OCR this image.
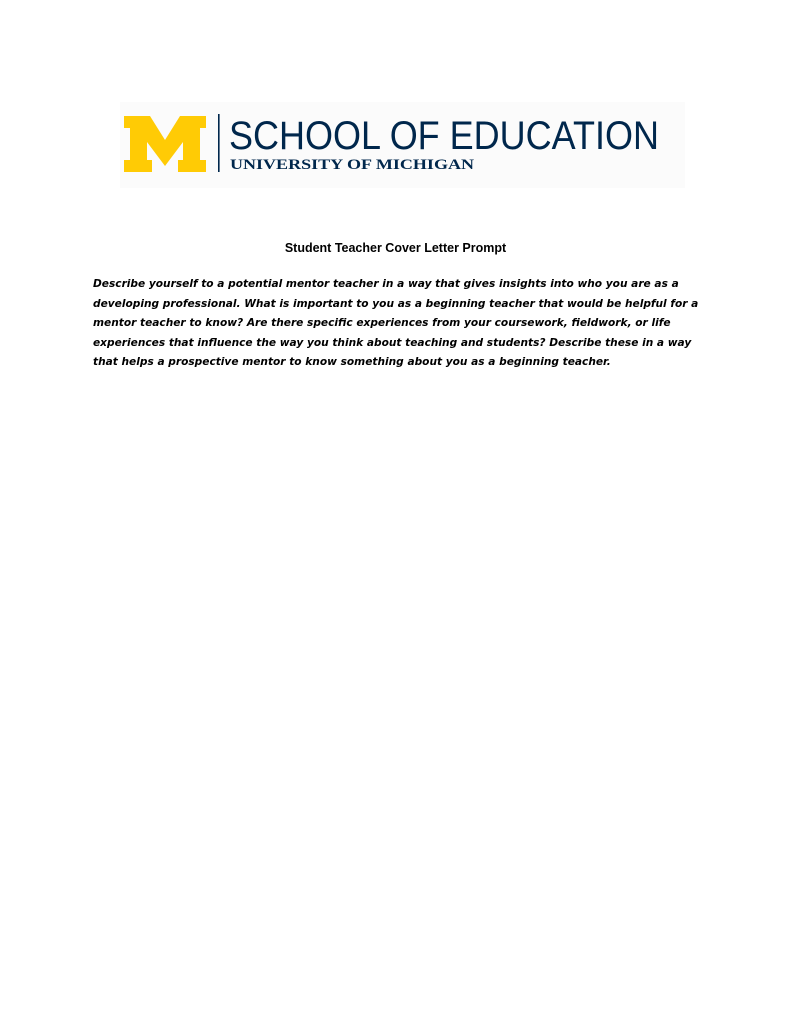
SCHOOL OF EDUCATION
UNIVERSITY OF MICHIGAN
Student Teacher Cover Letter Prompt

Describe yourself to a potential mentor teacher in a way that gives insights into who you are as a developing professional. What is important to you as a beginning teacher that would be helpful for a mentor teacher to know? Are there specific experiences from your coursework, fieldwork, or life experiences that influence the way you think about teaching and students? Describe these in a way that helps a prospective mentor to know something about you as a beginning teacher.
